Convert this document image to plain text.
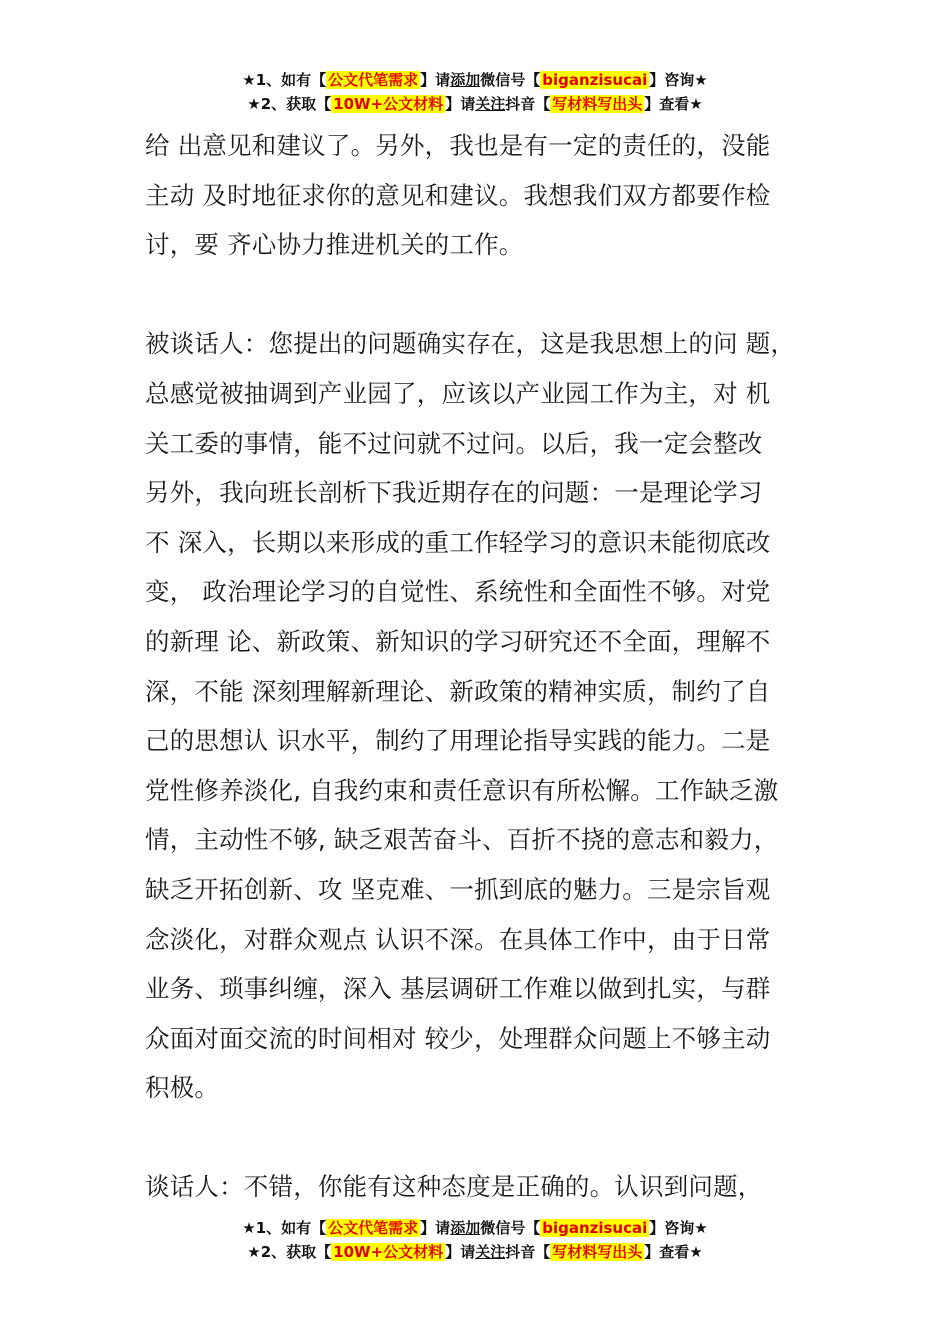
★1、如有【 公文代笔需求 】请添加微信号【 biganzisucai 】咨询★
★2、获取【 10W+公文材料 】请关注抖音【 写材料写出头 】查看★

给 出意见和建议了。另外，我也是有一定的责任的，没能
主动 及时地征求你的意见和建议。我想我们双方都要作检
讨，要 齐心协力推进机关的工作。

被谈话人：您提出的问题确实存在，这是我思想上的问 题，
总感觉被抽调到产业园了，应该以产业园工作为主，对 机
关工委的事情，能不过问就不过问。以后，我一定会整改
另外，我向班长剖析下我近期存在的问题：一是理论学习
不 深入，长期以来形成的重工作轻学习的意识未能彻底改
变， 政治理论学习的自觉性、系统性和全面性不够。对党
的新理 论、新政策、新知识的学习研究还不全面，理解不
深，不能 深刻理解新理论、新政策的精神实质，制约了自
己的思想认 识水平，制约了用理论指导实践的能力。二是
党性修养淡化, 自我约束和责任意识有所松懈。工作缺乏激
情，主动性不够, 缺乏艰苦奋斗、百折不挠的意志和毅力，
缺乏开拓创新、攻 坚克难、一抓到底的魅力。三是宗旨观
念淡化，对群众观点 认识不深。在具体工作中，由于日常
业务、琐事纠缠，深入 基层调研工作难以做到扎实，与群
众面对面交流的时间相对 较少，处理群众问题上不够主动
积极。

谈话人：不错，你能有这种态度是正确的。认识到问题，

★1、如有【 公文代笔需求 】请添加微信号【 biganzisucai 】咨询★
★2、获取【 10W+公文材料 】请关注抖音【 写材料写出头 】查看★
